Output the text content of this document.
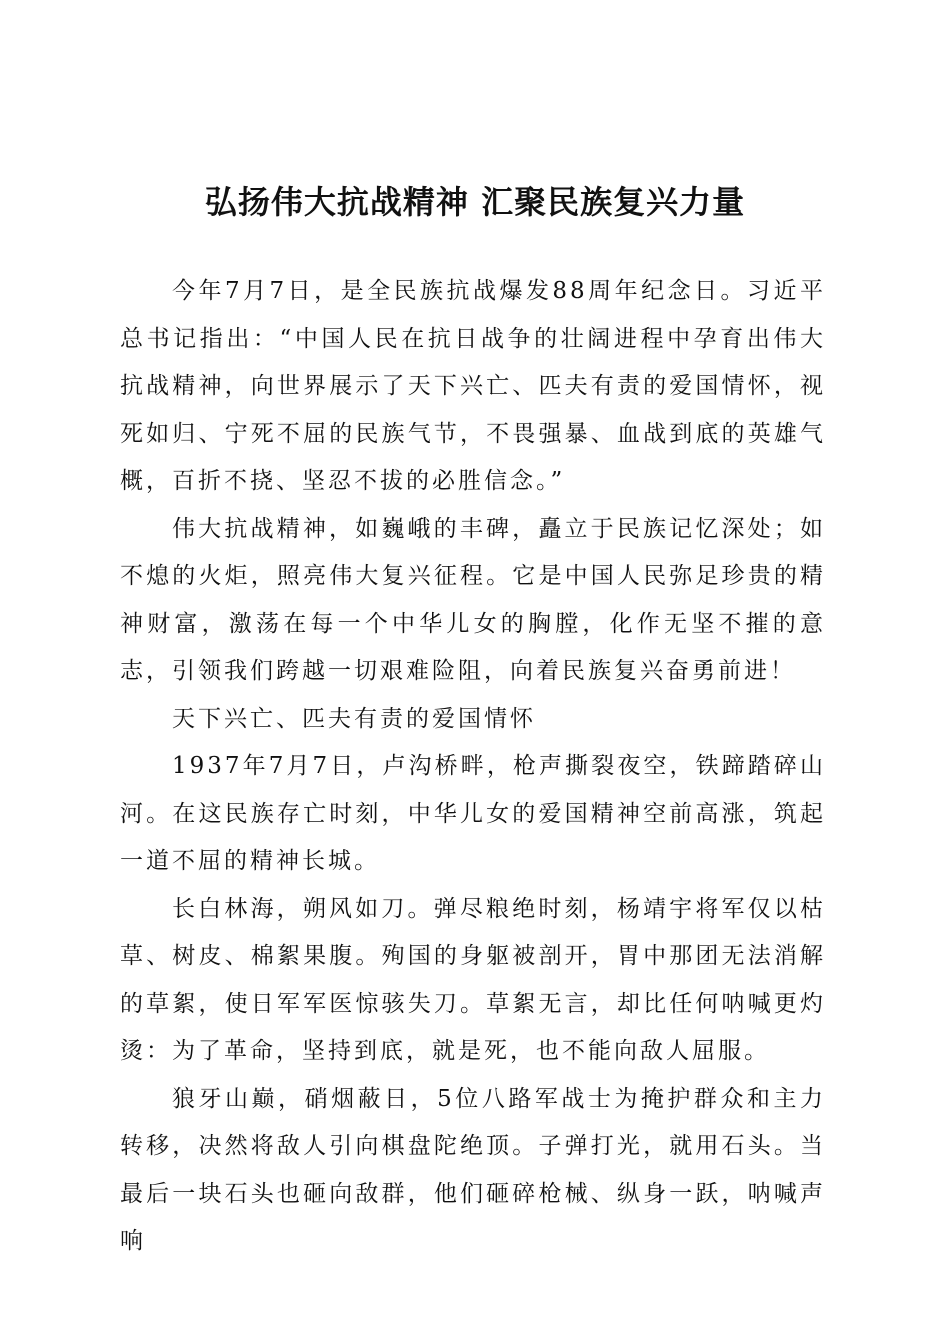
弘扬伟大抗战精神 汇聚民族复兴力量

今年7月7日，是全民族抗战爆发88周年纪念日。习近平总书记指出：“中国人民在抗日战争的壮阔进程中孕育出伟大抗战精神，向世界展示了天下兴亡、匹夫有责的爱国情怀，视死如归、宁死不屈的民族气节，不畏强暴、血战到底的英雄气概，百折不挠、坚忍不拔的必胜信念。”

伟大抗战精神，如巍峨的丰碑，矗立于民族记忆深处；如不熄的火炬，照亮伟大复兴征程。它是中国人民弥足珍贵的精神财富，激荡在每一个中华儿女的胸膛，化作无坚不摧的意志，引领我们跨越一切艰难险阻，向着民族复兴奋勇前进！

天下兴亡、匹夫有责的爱国情怀

1937年7月7日，卢沟桥畔，枪声撕裂夜空，铁蹄踏碎山河。在这民族存亡时刻，中华儿女的爱国精神空前高涨，筑起一道不屈的精神长城。

长白林海，朔风如刀。弹尽粮绝时刻，杨靖宇将军仅以枯草、树皮、棉絮果腹。殉国的身躯被剖开，胃中那团无法消解的草絮，使日军军医惊骇失刀。草絮无言，却比任何呐喊更灼烫：为了革命，坚持到底，就是死，也不能向敌人屈服。

狼牙山巅，硝烟蔽日，5位八路军战士为掩护群众和主力转移，决然将敌人引向棋盘陀绝顶。子弹打光，就用石头。当最后一块石头也砸向敌群，他们砸碎枪械、纵身一跃，呐喊声响
